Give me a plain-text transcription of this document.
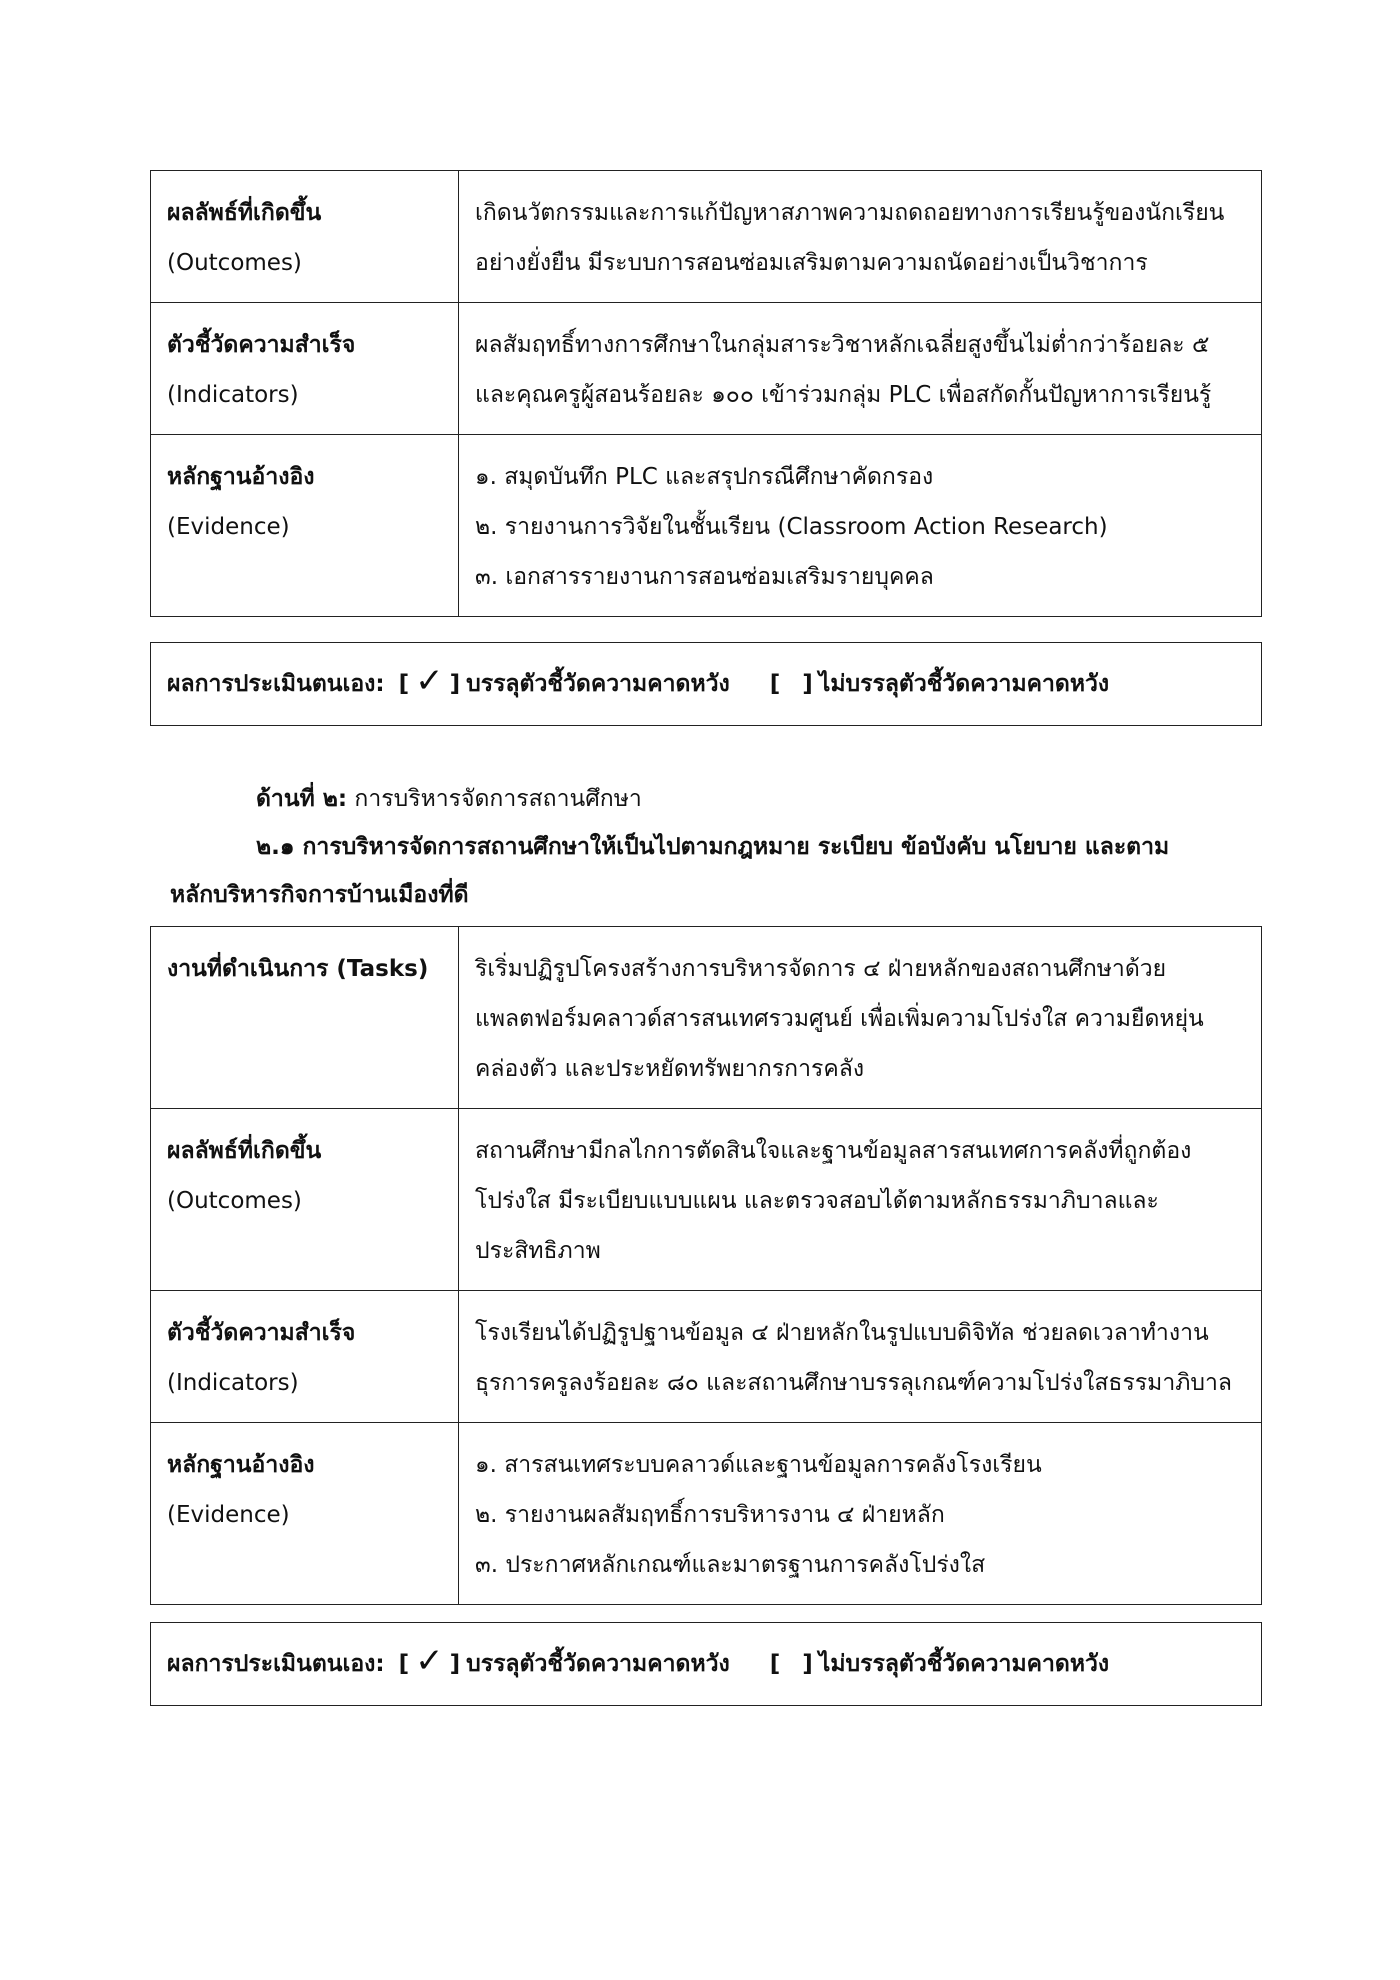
ผลลัพธ์ที่เกิดขึ้น
(Outcomes)	เกิดนวัตกรรมและการแก้ปัญหาสภาพความถดถอยทางการเรียนรู้ของนักเรียน
อย่างยั่งยืน มีระบบการสอนซ่อมเสริมตามความถนัดอย่างเป็นวิชาการ

ตัวชี้วัดความสำเร็จ
(Indicators)	ผลสัมฤทธิ์ทางการศึกษาในกลุ่มสาระวิชาหลักเฉลี่ยสูงขึ้นไม่ต่ำกว่าร้อยละ ๕
และคุณครูผู้สอนร้อยละ ๑๐๐ เข้าร่วมกลุ่ม PLC เพื่อสกัดกั้นปัญหาการเรียนรู้

หลักฐานอ้างอิง
(Evidence)	๑. สมุดบันทึก PLC และสรุปกรณีศึกษาคัดกรอง
๒. รายงานการวิจัยในชั้นเรียน (Classroom Action Research)
๓. เอกสารรายงานการสอนซ่อมเสริมรายบุคคล
ผลการประเมินตนเอง: [ ✓ ] บรรลุตัวชี้วัดความคาดหวัง [ ] ไม่บรรลุตัวชี้วัดความคาดหวัง
ด้านที่ ๒: การบริหารจัดการสถานศึกษา
๒.๑ การบริหารจัดการสถานศึกษาให้เป็นไปตามกฎหมาย ระเบียบ ข้อบังคับ นโยบาย และตาม
หลักบริหารกิจการบ้านเมืองที่ดี
งานที่ดำเนินการ (Tasks)	ริเริ่มปฏิรูปโครงสร้างการบริหารจัดการ ๔ ฝ่ายหลักของสถานศึกษาด้วย
แพลตฟอร์มคลาวด์สารสนเทศรวมศูนย์ เพื่อเพิ่มความโปร่งใส ความยืดหยุ่น
คล่องตัว และประหยัดทรัพยากรการคลัง

ผลลัพธ์ที่เกิดขึ้น
(Outcomes)	สถานศึกษามีกลไกการตัดสินใจและฐานข้อมูลสารสนเทศการคลังที่ถูกต้อง
โปร่งใส มีระเบียบแบบแผน และตรวจสอบได้ตามหลักธรรมาภิบาลและ
ประสิทธิภาพ

ตัวชี้วัดความสำเร็จ
(Indicators)	โรงเรียนได้ปฏิรูปฐานข้อมูล ๔ ฝ่ายหลักในรูปแบบดิจิทัล ช่วยลดเวลาทำงาน
ธุรการครูลงร้อยละ ๘๐ และสถานศึกษาบรรลุเกณฑ์ความโปร่งใสธรรมาภิบาล

หลักฐานอ้างอิง
(Evidence)	๑. สารสนเทศระบบคลาวด์และฐานข้อมูลการคลังโรงเรียน
๒. รายงานผลสัมฤทธิ์การบริหารงาน ๔ ฝ่ายหลัก
๓. ประกาศหลักเกณฑ์และมาตรฐานการคลังโปร่งใส
ผลการประเมินตนเอง: [ ✓ ] บรรลุตัวชี้วัดความคาดหวัง [ ] ไม่บรรลุตัวชี้วัดความคาดหวัง
